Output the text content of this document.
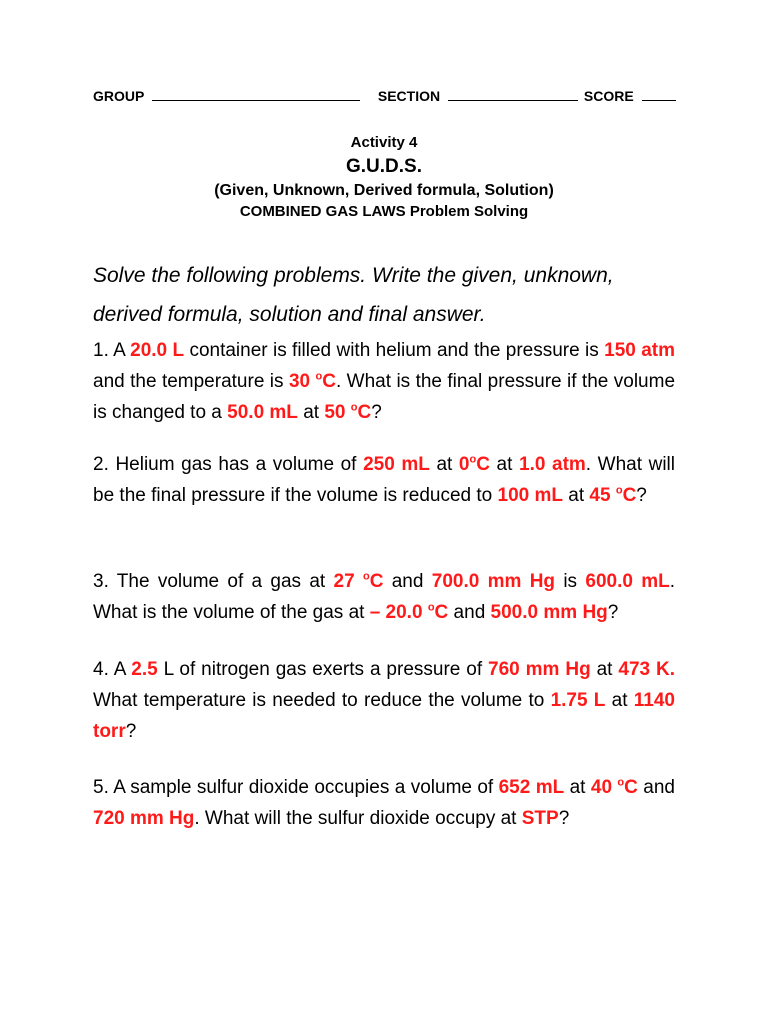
GROUP	SECTION	SCORE
Activity 4
G.U.D.S.
(Given, Unknown, Derived formula, Solution)
COMBINED GAS LAWS Problem Solving
Solve the following problems. Write the given, unknown, derived formula, solution and final answer.
1. A 20.0 L container is filled with helium and the pressure is 150 atm and the temperature is 30 $^o$C. What is the final pressure if the volume is changed to a 50.0 mL at 50 $^o$C?
2. Helium gas has a volume of 250 mL at 0$^o$C at 1.0 atm. What will be the final pressure if the volume is reduced to 100 mL at 45 $^o$C?
3. The volume of a gas at 27 $^o$C and 700.0 mm Hg is 600.0 mL. What is the volume of the gas at – 20.0 $^o$C and 500.0 mm Hg?
4. A 2.5 L of nitrogen gas exerts a pressure of 760 mm Hg at 473 K. What temperature is needed to reduce the volume to 1.75 L at 1140 torr?
5. A sample sulfur dioxide occupies a volume of 652 mL at 40 $^o$C and 720 mm Hg. What will the sulfur dioxide occupy at STP?
